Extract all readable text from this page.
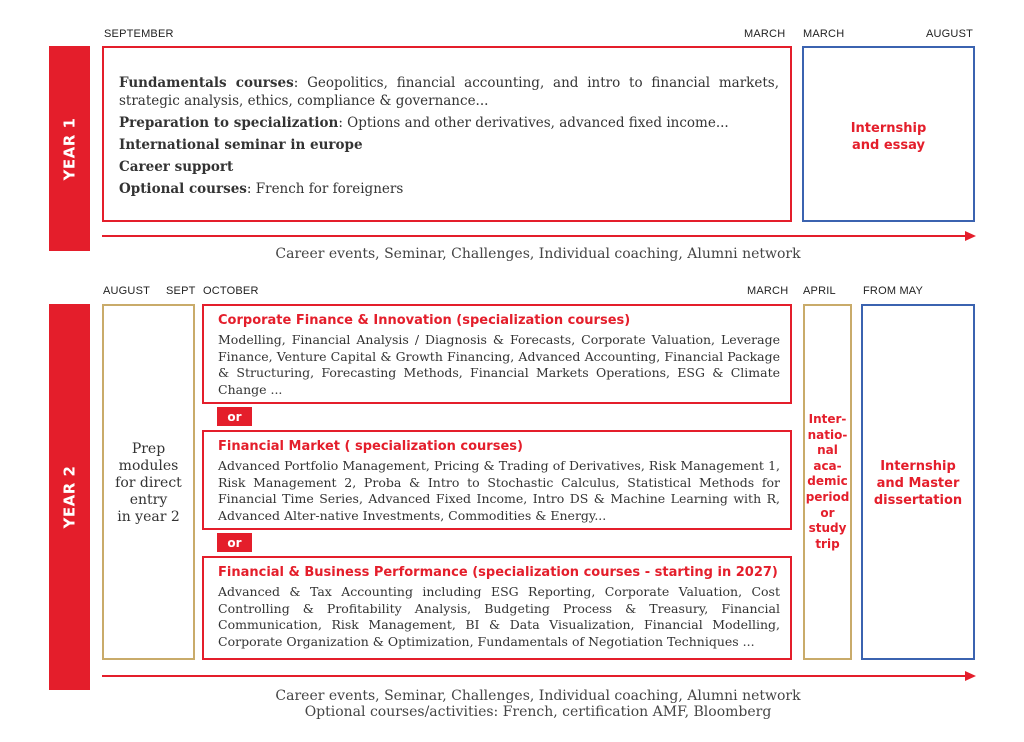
SEPTEMBER	MARCH MARCH	AUGUST
YEAR 1

Fundamentals courses: Geopolitics, financial accounting, and intro to financial markets, strategic analysis, ethics, compliance & governance...

Preparation to specialization: Options and other derivatives, advanced fixed income...

International seminar in europe

Career support

Optional courses: French for foreigners

Internship
and essay
Career events, Seminar, Challenges, Individual coaching, Alumni network
AUGUST SEPT OCTOBER	MARCH APRIL FROM MAY
YEAR 2
Prep
modules
for direct
entry
in year 2
Corporate Finance & Innovation (specialization courses)
Modelling, Financial Analysis / Diagnosis & Forecasts, Corporate Valuation, Leverage Finance, Venture Capital & Growth Financing, Advanced Accounting, Financial Package & Structuring, Forecasting Methods, Financial Markets Operations, ESG & Climate Change ...
or
Financial Market ( specialization courses)
Advanced Portfolio Management, Pricing & Trading of Derivatives, Risk Management 1, Risk Management 2, Proba & Intro to Stochastic Calculus, Statistical Methods for Financial Time Series, Advanced Fixed Income, Intro DS & Machine Learning with R, Advanced Alter-native Investments, Commodities & Energy...
or
Financial & Business Performance (specialization courses - starting in 2027)
Advanced & Tax Accounting including ESG Reporting, Corporate Valuation, Cost Controlling & Profitability Analysis, Budgeting Process & Treasury, Financial Communication, Risk Management, BI & Data Visualization, Financial Modelling, Corporate Organization & Optimization, Fundamentals of Negotiation Techniques ...
Inter-
natio-
nal
aca-
demic
period
or
study
trip
Internship
and Master
dissertation
Career events, Seminar, Challenges, Individual coaching, Alumni network
Optional courses/activities: French, certification AMF, Bloomberg
